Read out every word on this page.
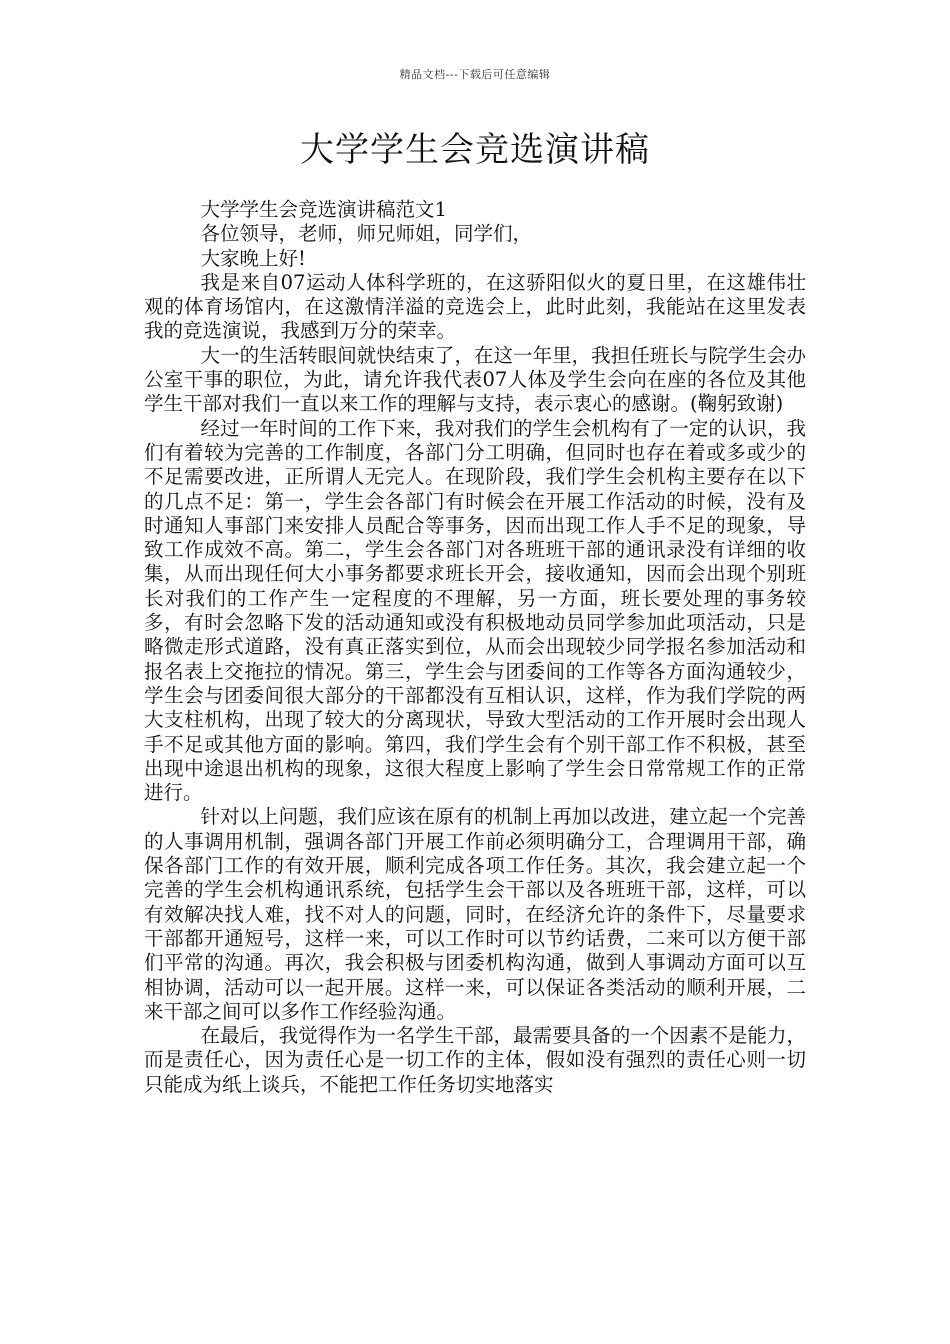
精品文档---下载后可任意编辑
大学学生会竞选演讲稿

大学学生会竞选演讲稿范文1

各位领导，老师，师兄师姐，同学们，

大家晚上好!

我是来自07运动人体科学班的，在这骄阳似火的夏日里，在这雄伟壮观的体育场馆内，在这激情洋溢的竞选会上，此时此刻，我能站在这里发表我的竞选演说，我感到万分的荣幸。

大一的生活转眼间就快结束了，在这一年里，我担任班长与院学生会办公室干事的职位，为此，请允许我代表07人体及学生会向在座的各位及其他学生干部对我们一直以来工作的理解与支持，表示衷心的感谢。(鞠躬致谢)

经过一年时间的工作下来，我对我们的学生会机构有了一定的认识，我们有着较为完善的工作制度，各部门分工明确，但同时也存在着或多或少的不足需要改进，正所谓人无完人。在现阶段，我们学生会机构主要存在以下的几点不足：第一，学生会各部门有时候会在开展工作活动的时候，没有及时通知人事部门来安排人员配合等事务，因而出现工作人手不足的现象，导致工作成效不高。第二，学生会各部门对各班班干部的通讯录没有详细的收集，从而出现任何大小事务都要求班长开会，接收通知，因而会出现个别班长对我们的工作产生一定程度的不理解，另一方面，班长要处理的事务较多，有时会忽略下发的活动通知或没有积极地动员同学参加此项活动，只是略微走形式道路，没有真正落实到位，从而会出现较少同学报名参加活动和报名表上交拖拉的情况。第三，学生会与团委间的工作等各方面沟通较少，学生会与团委间很大部分的干部都没有互相认识，这样，作为我们学院的两大支柱机构，出现了较大的分离现状，导致大型活动的工作开展时会出现人手不足或其他方面的影响。第四，我们学生会有个别干部工作不积极，甚至出现中途退出机构的现象，这很大程度上影响了学生会日常常规工作的正常进行。

针对以上问题，我们应该在原有的机制上再加以改进，建立起一个完善的人事调用机制，强调各部门开展工作前必须明确分工，合理调用干部，确保各部门工作的有效开展，顺利完成各项工作任务。其次，我会建立起一个完善的学生会机构通讯系统，包括学生会干部以及各班班干部，这样，可以有效解决找人难，找不对人的问题，同时，在经济允许的条件下，尽量要求干部都开通短号，这样一来，可以工作时可以节约话费，二来可以方便干部们平常的沟通。再次，我会积极与团委机构沟通，做到人事调动方面可以互相协调，活动可以一起开展。这样一来，可以保证各类活动的顺利开展，二来干部之间可以多作工作经验沟通。

在最后，我觉得作为一名学生干部，最需要具备的一个因素不是能力，而是责任心，因为责任心是一切工作的主体，假如没有强烈的责任心则一切只能成为纸上谈兵，不能把工作任务切实地落实
